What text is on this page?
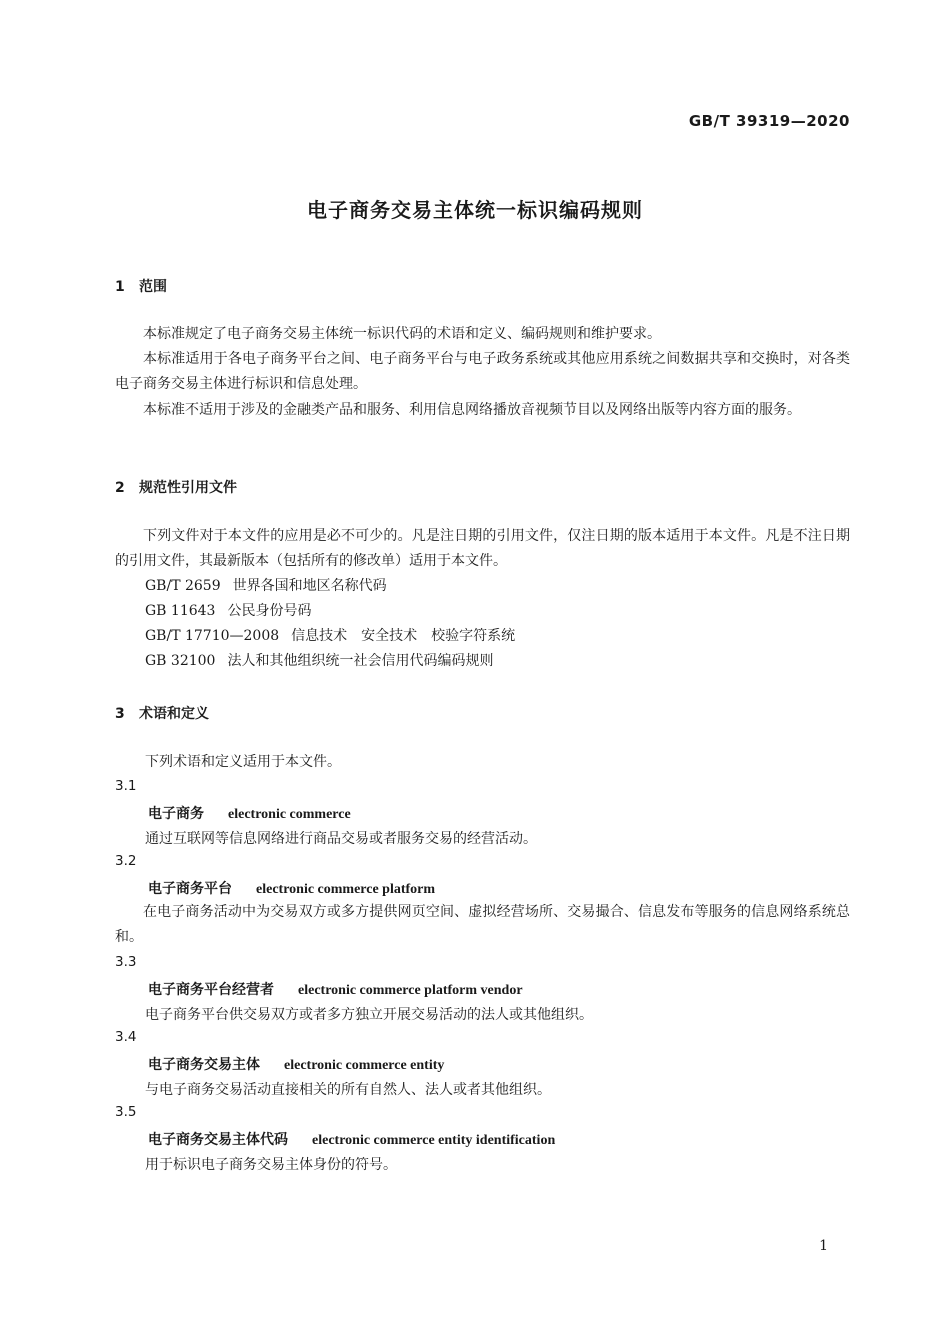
GB/T 39319—2020
电子商务交易主体统一标识编码规则
1 范围
本标准规定了电子商务交易主体统一标识代码的术语和定义、编码规则和维护要求。
本标准适用于各电子商务平台之间、电子商务平台与电子政务系统或其他应用系统之间数据共享和交换时，对各类电子商务交易主体进行标识和信息处理。
本标准不适用于涉及的金融类产品和服务、利用信息网络播放音视频节目以及网络出版等内容方面的服务。
2 规范性引用文件
下列文件对于本文件的应用是必不可少的。凡是注日期的引用文件，仅注日期的版本适用于本文件。凡是不注日期的引用文件，其最新版本（包括所有的修改单）适用于本文件。
GB/T 2659 世界各国和地区名称代码
GB 11643 公民身份号码
GB/T 17710—2008 信息技术 安全技术 校验字符系统
GB 32100 法人和其他组织统一社会信用代码编码规则
3 术语和定义
下列术语和定义适用于本文件。
3.1
电子商务 electronic commerce
通过互联网等信息网络进行商品交易或者服务交易的经营活动。
3.2
电子商务平台 electronic commerce platform
在电子商务活动中为交易双方或多方提供网页空间、虚拟经营场所、交易撮合、信息发布等服务的信息网络系统总和。
3.3
电子商务平台经营者 electronic commerce platform vendor
电子商务平台供交易双方或者多方独立开展交易活动的法人或其他组织。
3.4
电子商务交易主体 electronic commerce entity
与电子商务交易活动直接相关的所有自然人、法人或者其他组织。
3.5
电子商务交易主体代码 electronic commerce entity identification
用于标识电子商务交易主体身份的符号。
1
